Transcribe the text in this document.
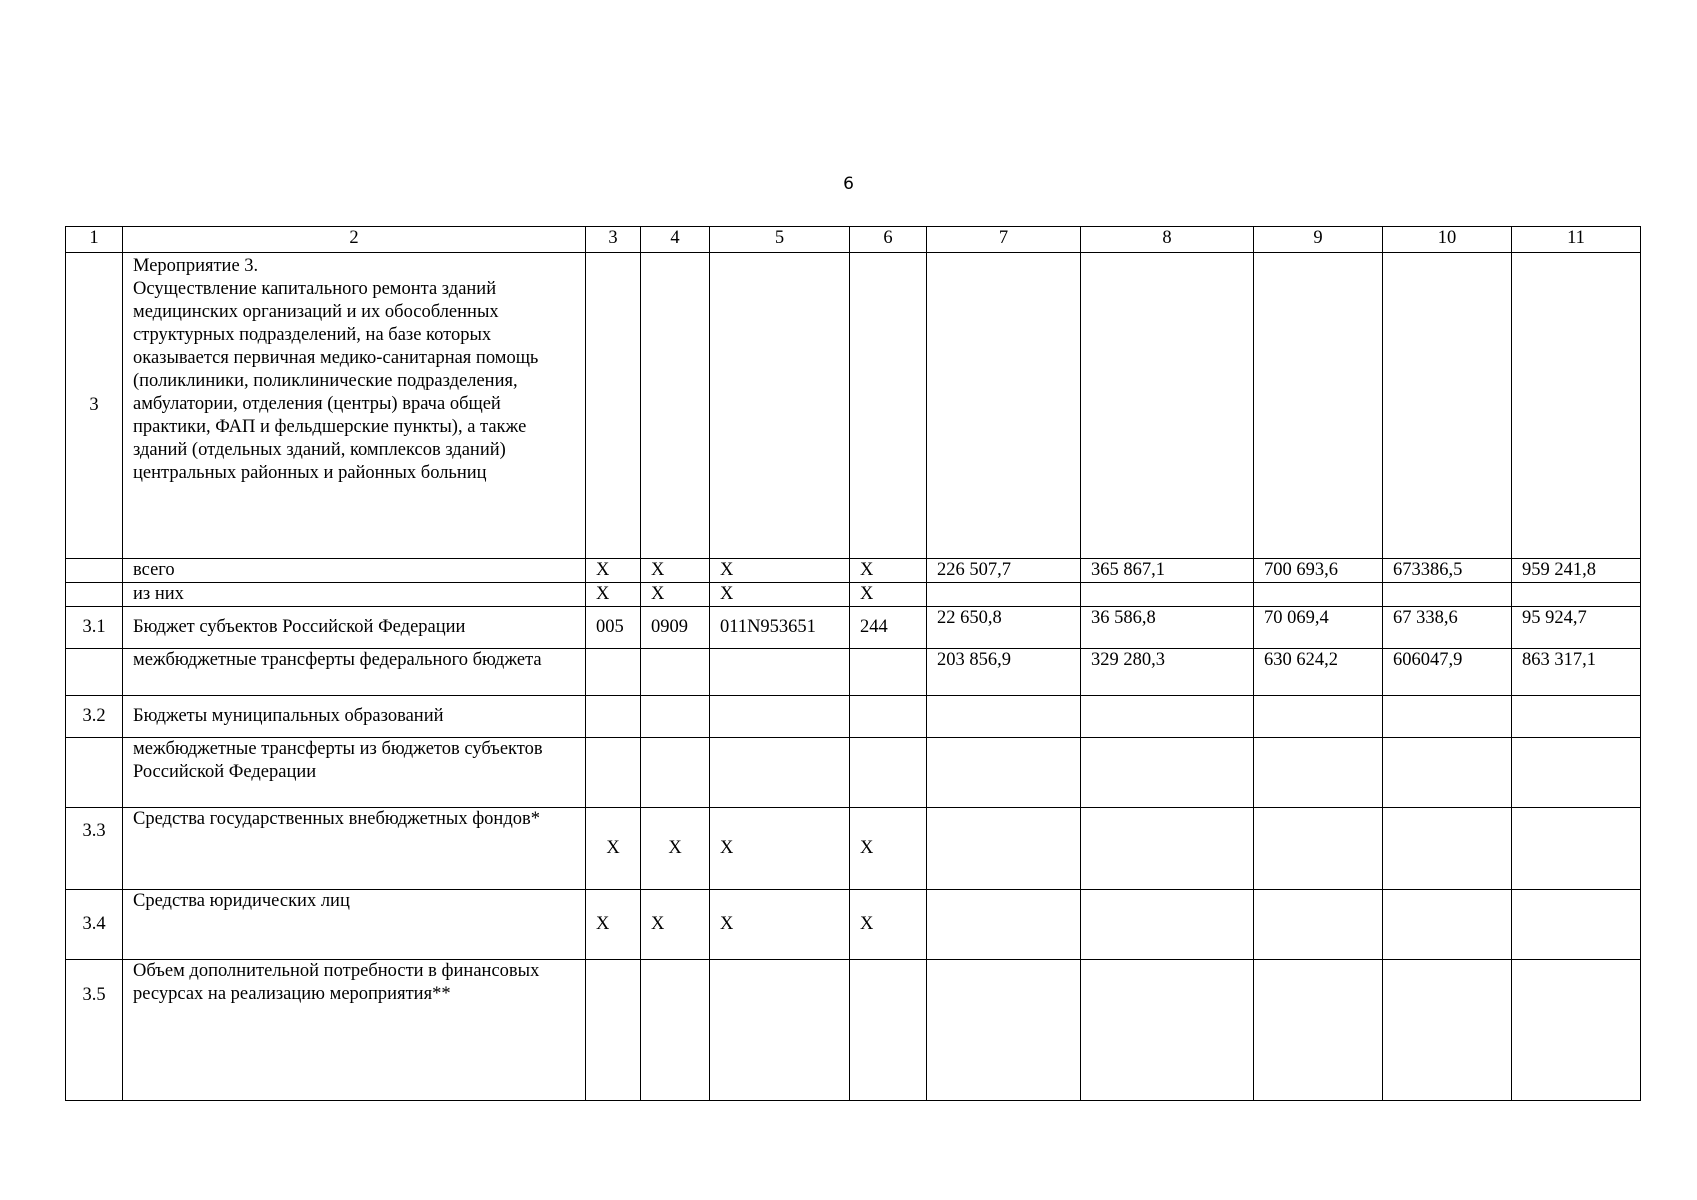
6
1	2	3	4	5	6	7	8	9	10	11
3	Мероприятие 3.
Осуществление капитального ремонта зданий медицинских организаций и их обособленных структурных подразделений, на базе которых оказывается первичная медико-санитарная помощь (поликлиники, поликлинические подразделения, амбулатории, отделения (центры) врача общей практики, ФАП и фельдшерские пункты), а также зданий (отдельных зданий, комплексов зданий) центральных районных и районных больниц									

	всего	X	X	X	X	226 507,7	365 867,1	700 693,6	673386,5	959 241,8
	из них	X	X	X	X					
3.1	Бюджет субъектов Российской Федерации	005	0909	011N953651	244	22 650,8	36 586,8	70 069,4	67 338,6	95 924,7
	межбюджетные трансферты федерального бюджета					203 856,9	329 280,3	630 624,2	606047,9	863 317,1
3.2	Бюджеты муниципальных образований									
	межбюджетные трансферты из бюджетов субъектов Российской Федерации									
3.3	Средства государственных внебюджетных фондов*	X	X	X	X					
3.4	Средства юридических лиц	X	X	X	X					
3.5	Объем дополнительной потребности в финансовых ресурсах на реализацию мероприятия**									
